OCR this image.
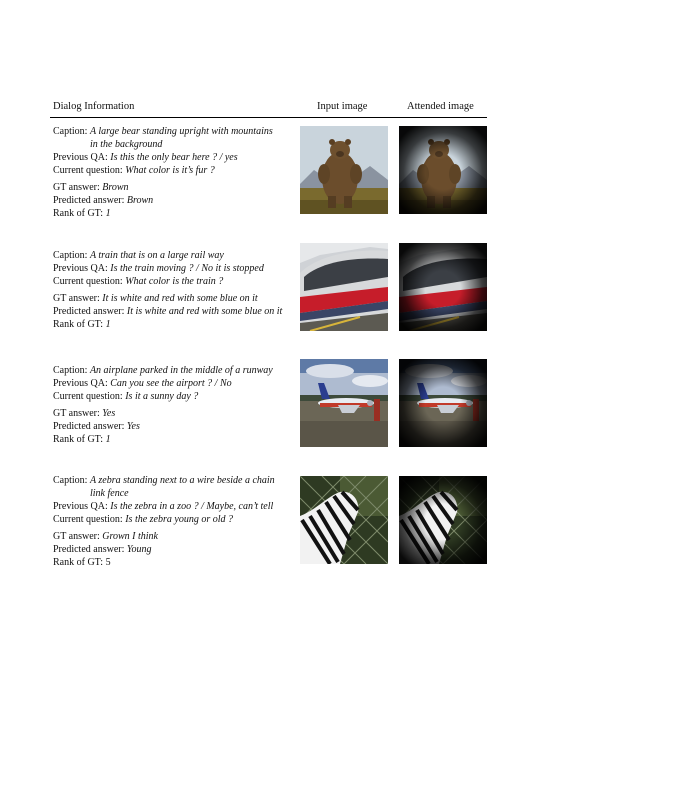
Dialog Information	Input image	Attended image
Caption: A large bear standing upright with mountains
in the background
Previous QA: Is this the only bear here ? / yes
Current question: What color is it’s fur ?
GT answer: Brown
Predicted answer: Brown
Rank of GT: 1
Caption: A train that is on a large rail way
Previous QA: Is the train moving ? / No it is stopped
Current question: What color is the train ?
GT answer: It is white and red with some blue on it
Predicted answer: It is white and red with some blue on it
Rank of GT: 1
Caption: An airplane parked in the middle of a runway
Previous QA: Can you see the airport ? / No
Current question: Is it a sunny day ?
GT answer: Yes
Predicted answer: Yes
Rank of GT: 1
Caption: A zebra standing next to a wire beside a chain
link fence
Previous QA: Is the zebra in a zoo ? / Maybe, can’t tell
Current question: Is the zebra young or old ?
GT answer: Grown I think
Predicted answer: Young
Rank of GT: 5
